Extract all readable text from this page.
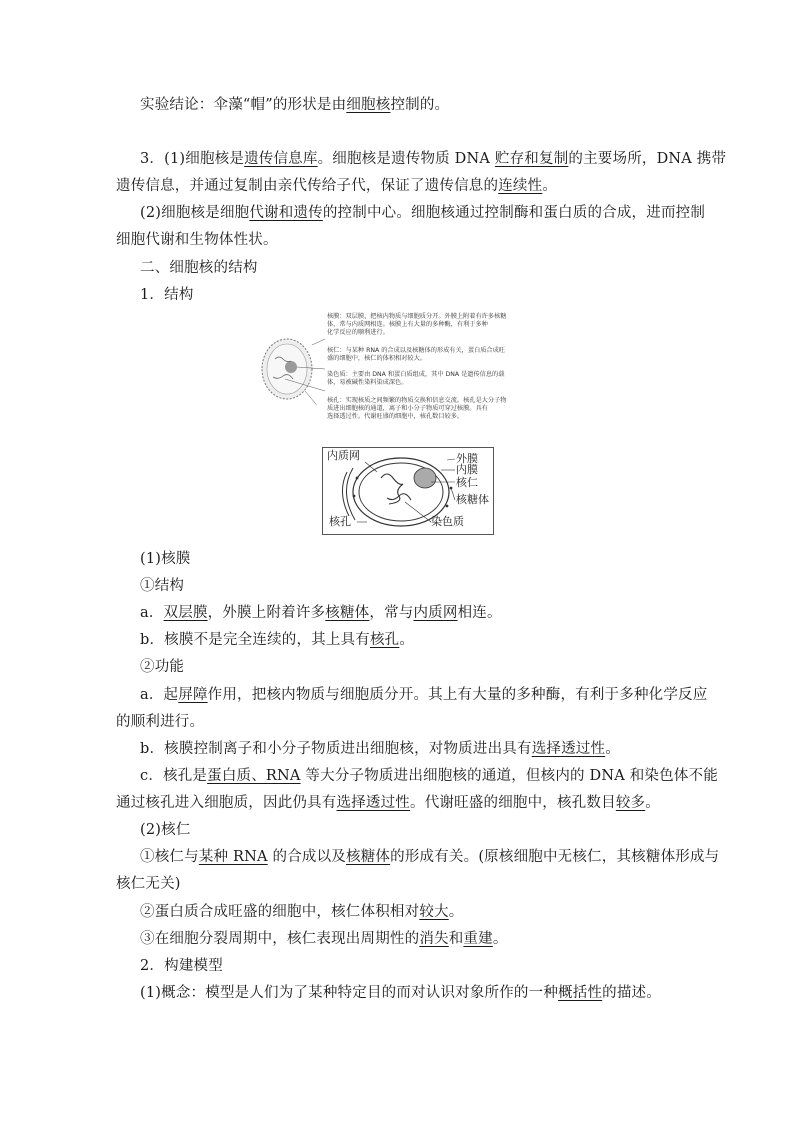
实验结论：伞藻“帽”的形状是由细胞核控制的。
3．(1)细胞核是遗传信息库。细胞核是遗传物质 DNA 贮存和复制的主要场所，DNA 携带
遗传信息，并通过复制由亲代传给子代，保证了遗传信息的连续性。
(2)细胞核是细胞代谢和遗传的控制中心。细胞核通过控制酶和蛋白质的合成，进而控制
细胞代谢和生物体性状。
二、细胞核的结构
1．结构
核膜：双层膜，把核内物质与细胞质分开。外膜上附着有许多核糖
体，常与内质网相连。核膜上有大量的多种酶，有利于多种
化学反应的顺利进行。
核仁：与某种 RNA 的合成以及核糖体的形成有关，蛋白质合成旺
盛的细胞中，核仁的体积相对较大。
染色质：主要由 DNA 和蛋白质组成，其中 DNA 是遗传信息的载
体，易被碱性染料染成深色。
核孔：实现核质之间频繁的物质交换和信息交流。核孔是大分子物
质进出细胞核的通道，离子和小分子物质可穿过核膜。具有
选择透过性。代谢旺盛的细胞中，核孔数目较多。
内质网	外膜
内膜
核仁
核糖体
核孔	染色质
(1)核膜
①结构
a．双层膜，外膜上附着许多核糖体，常与内质网相连。
b．核膜不是完全连续的，其上具有核孔。
②功能
a．起屏障作用，把核内物质与细胞质分开。其上有大量的多种酶，有利于多种化学反应
的顺利进行。
b．核膜控制离子和小分子物质进出细胞核，对物质进出具有选择透过性。
c．核孔是蛋白质、RNA 等大分子物质进出细胞核的通道，但核内的 DNA 和染色体不能
通过核孔进入细胞质，因此仍具有选择透过性。代谢旺盛的细胞中，核孔数目较多。
(2)核仁
①核仁与某种 RNA 的合成以及核糖体的形成有关。(原核细胞中无核仁，其核糖体形成与
核仁无关)
②蛋白质合成旺盛的细胞中，核仁体积相对较大。
③在细胞分裂周期中，核仁表现出周期性的消失和重建。
2．构建模型
(1)概念：模型是人们为了某种特定目的而对认识对象所作的一种概括性的描述。
